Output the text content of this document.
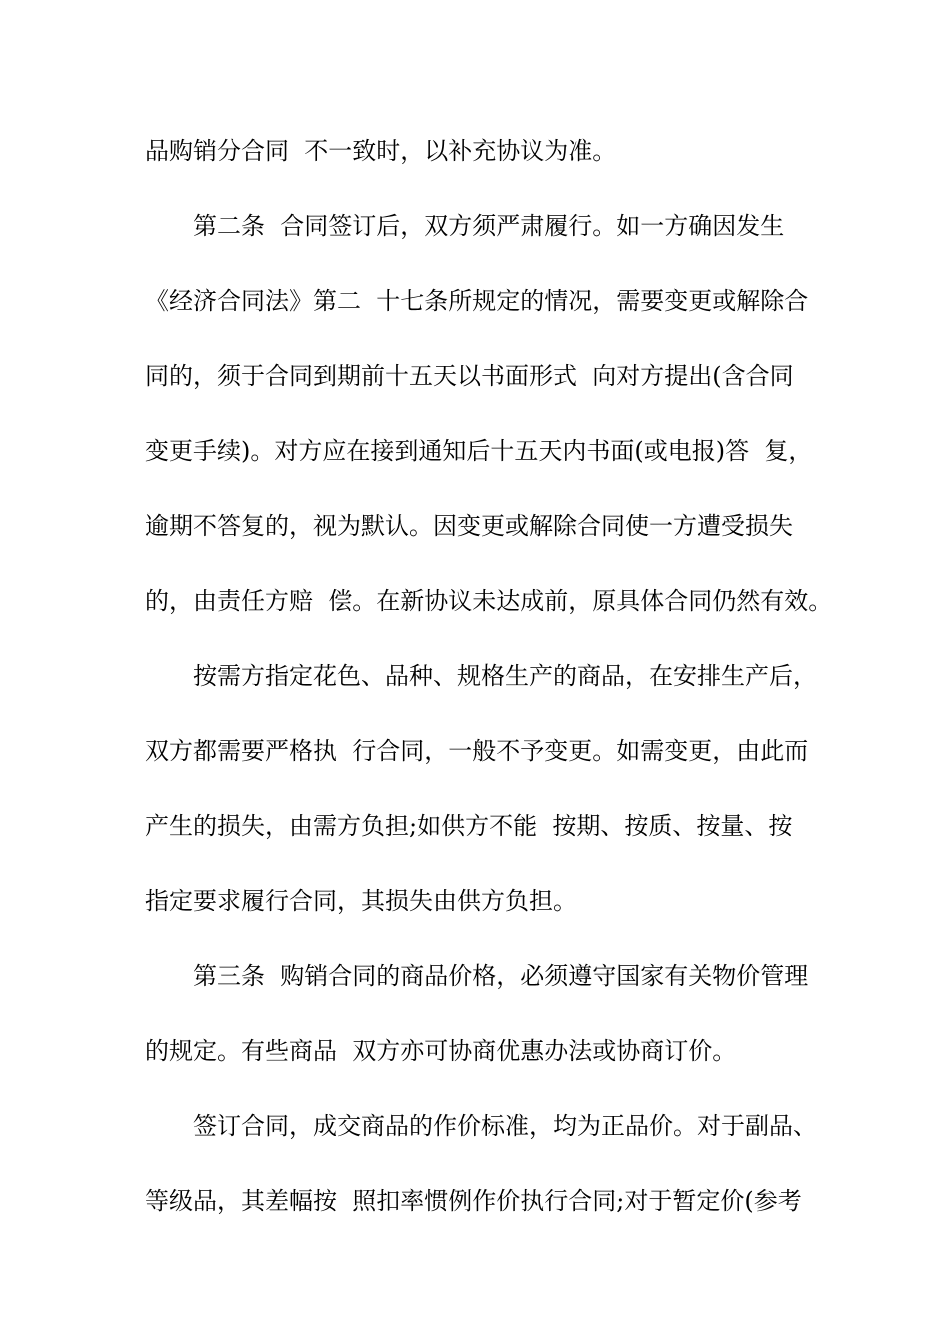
品购销分合同  不一致时，以补充协议为准。
第二条  合同签订后，双方须严肃履行。如一方确因发生
《经济合同法》第二  十七条所规定的情况，需要变更或解除合
同的，须于合同到期前十五天以书面形式  向对方提出(含合同
变更手续)。对方应在接到通知后十五天内书面(或电报)答  复，
逾期不答复的，视为默认。因变更或解除合同使一方遭受损失
的，由责任方赔  偿。在新协议未达成前，原具体合同仍然有效。
按需方指定花色、品种、规格生产的商品，在安排生产后，
双方都需要严格执  行合同，一般不予变更。如需变更，由此而
产生的损失，由需方负担;如供方不能  按期、按质、按量、按
指定要求履行合同，其损失由供方负担。
第三条  购销合同的商品价格，必须遵守国家有关物价管理
的规定。有些商品  双方亦可协商优惠办法或协商订价。
签订合同，成交商品的作价标准，均为正品价。对于副品、
等级品，其差幅按  照扣率惯例作价执行合同;对于暂定价(参考
